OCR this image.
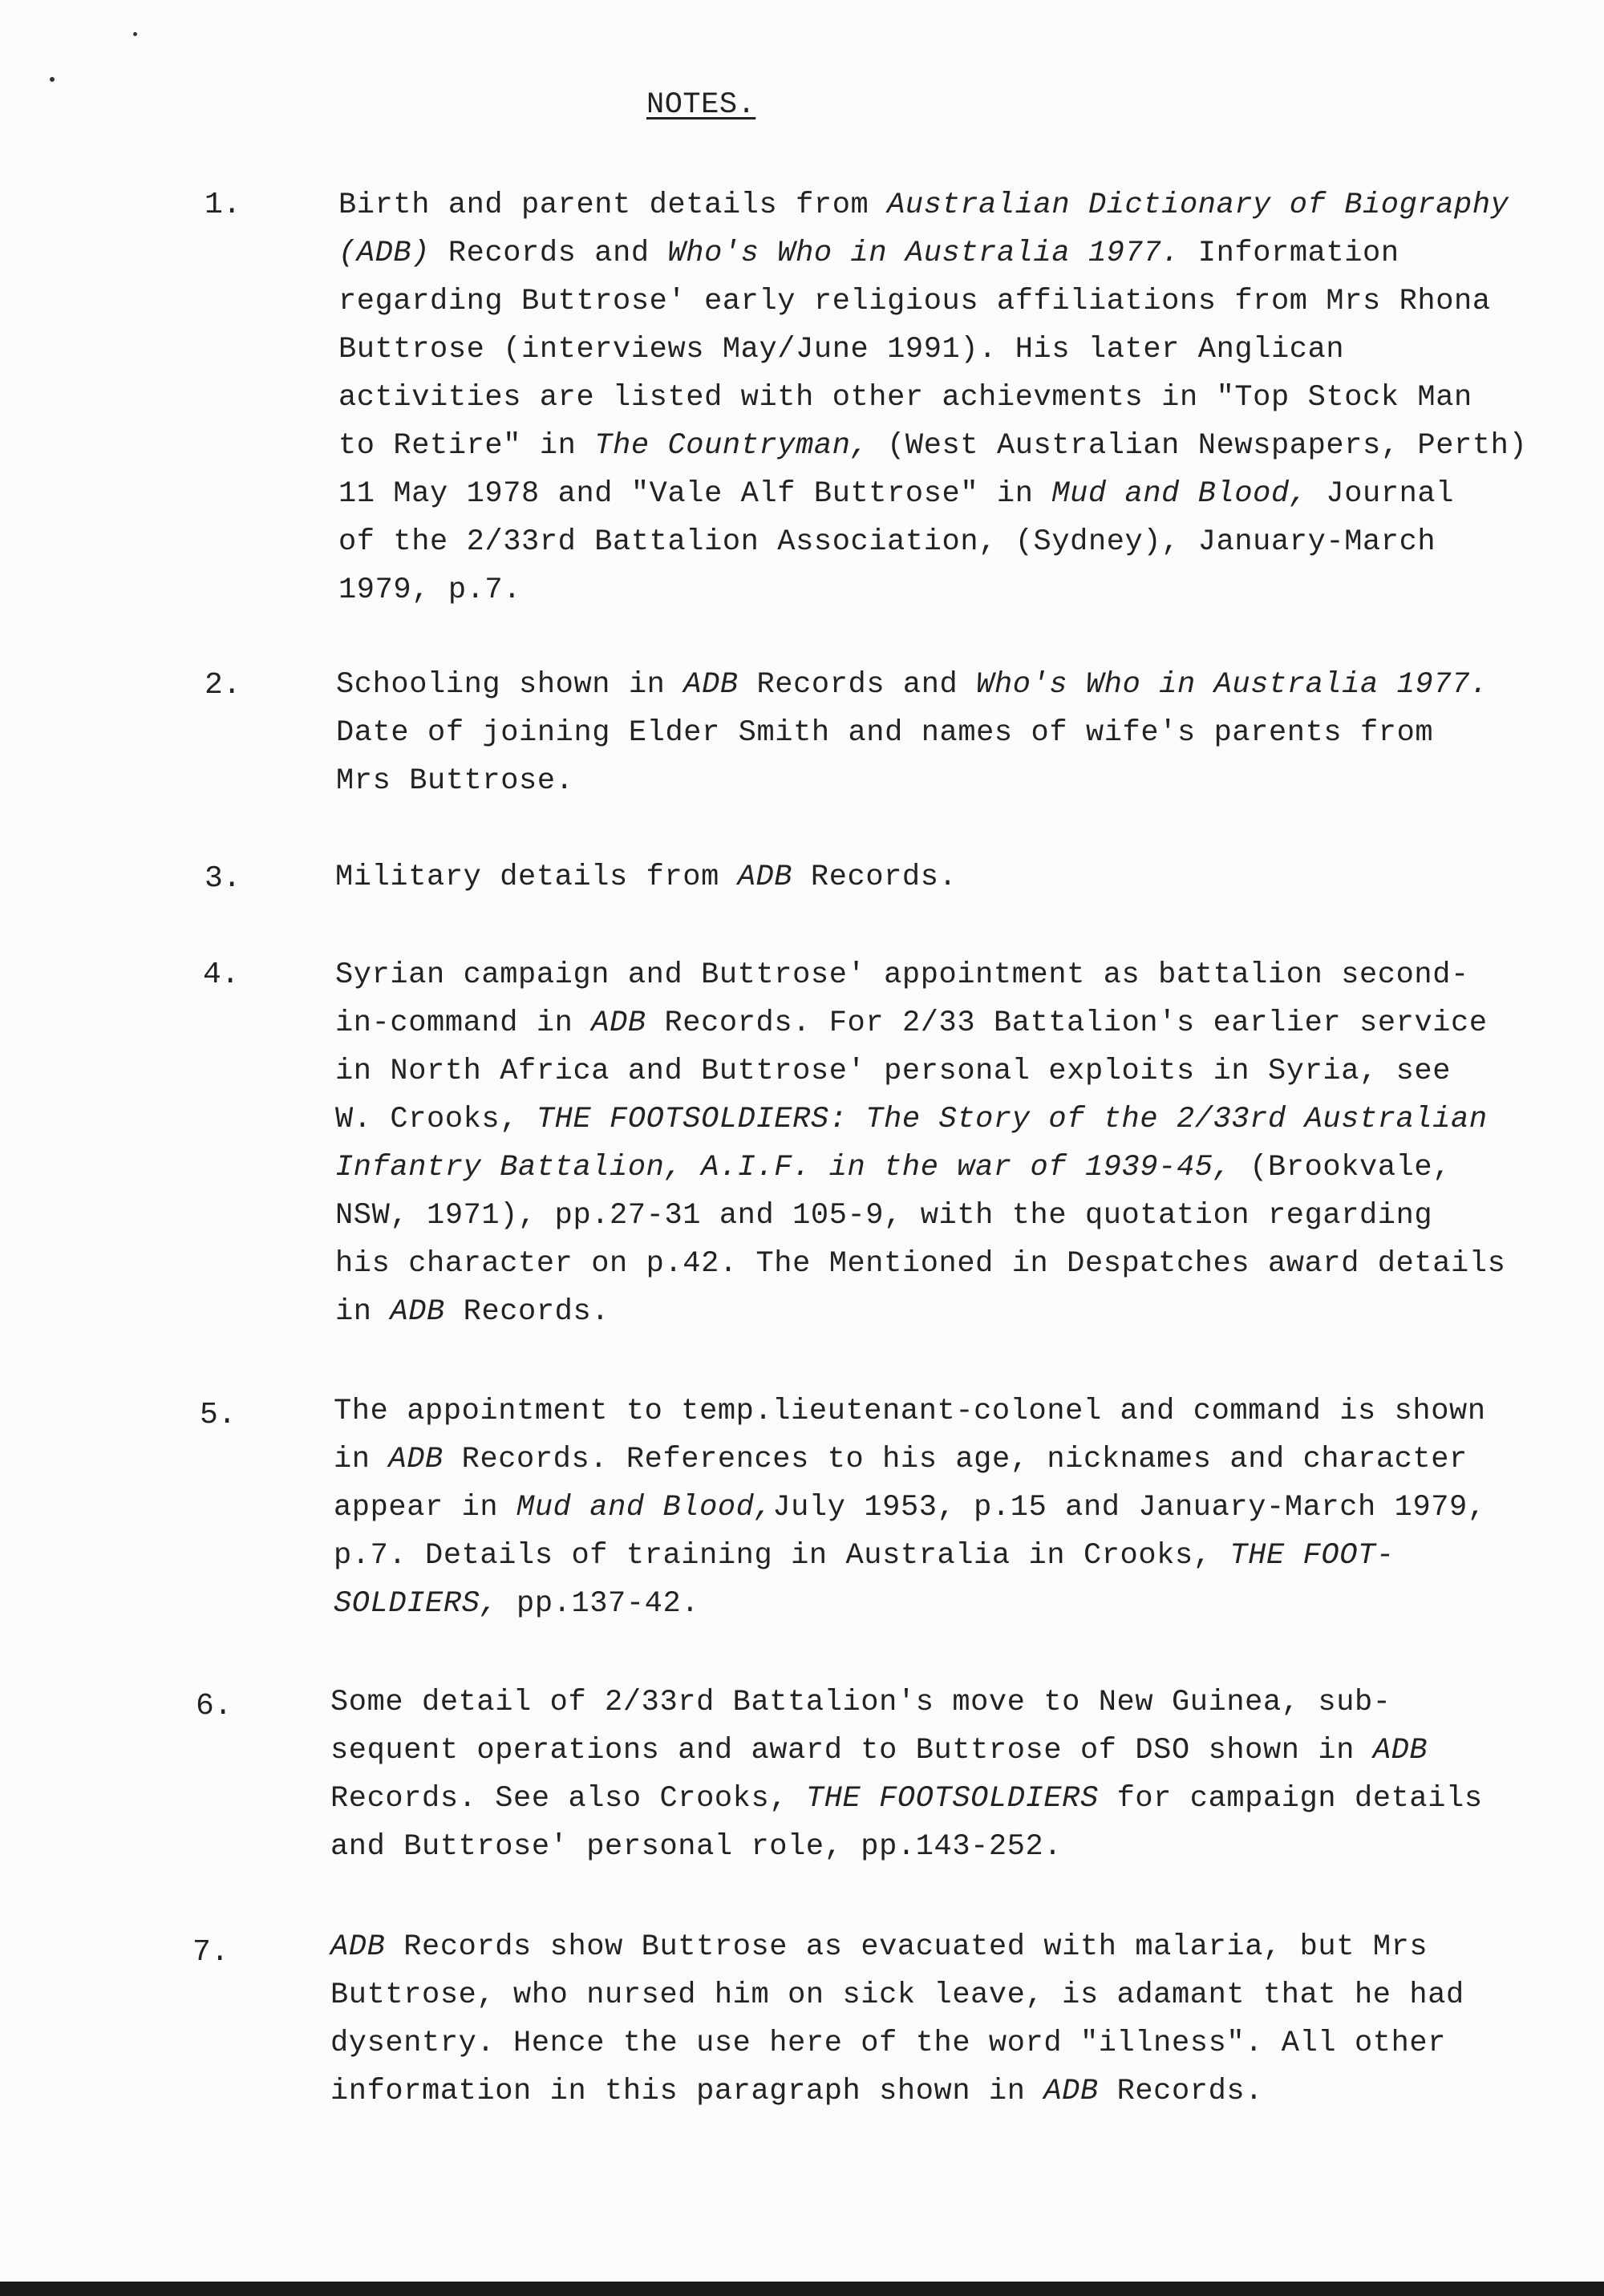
NOTES.
1.	Birth and parent details from Australian Dictionary of Biography
(ADB) Records and Who's Who in Australia 1977. Information
regarding Buttrose' early religious affiliations from Mrs Rhona
Buttrose (interviews May/June 1991). His later Anglican
activities are listed with other achievments in "Top Stock Man
to Retire" in The Countryman, (West Australian Newspapers, Perth)
11 May 1978 and "Vale Alf Buttrose" in Mud and Blood, Journal
of the 2/33rd Battalion Association, (Sydney), January-March
1979, p.7.
2.	Schooling shown in ADB Records and Who's Who in Australia 1977.
Date of joining Elder Smith and names of wife's parents from
Mrs Buttrose.
3.	Military details from ADB Records.
4.	Syrian campaign and Buttrose' appointment as battalion second-
in-command in ADB Records. For 2/33 Battalion's earlier service
in North Africa and Buttrose' personal exploits in Syria, see
W. Crooks, THE FOOTSOLDIERS: The Story of the 2/33rd Australian
Infantry Battalion, A.I.F. in the war of 1939-45, (Brookvale,
NSW, 1971), pp.27-31 and 105-9, with the quotation regarding
his character on p.42. The Mentioned in Despatches award details
in ADB Records.
5.	The appointment to temp.lieutenant-colonel and command is shown
in ADB Records. References to his age, nicknames and character
appear in Mud and Blood,July 1953, p.15 and January-March 1979,
p.7. Details of training in Australia in Crooks, THE FOOT-
SOLDIERS, pp.137-42.
6.	Some detail of 2/33rd Battalion's move to New Guinea, sub-
sequent operations and award to Buttrose of DSO shown in ADB
Records. See also Crooks, THE FOOTSOLDIERS for campaign details
and Buttrose' personal role, pp.143-252.
7.	ADB Records show Buttrose as evacuated with malaria, but Mrs
Buttrose, who nursed him on sick leave, is adamant that he had
dysentry. Hence the use here of the word "illness". All other
information in this paragraph shown in ADB Records.
